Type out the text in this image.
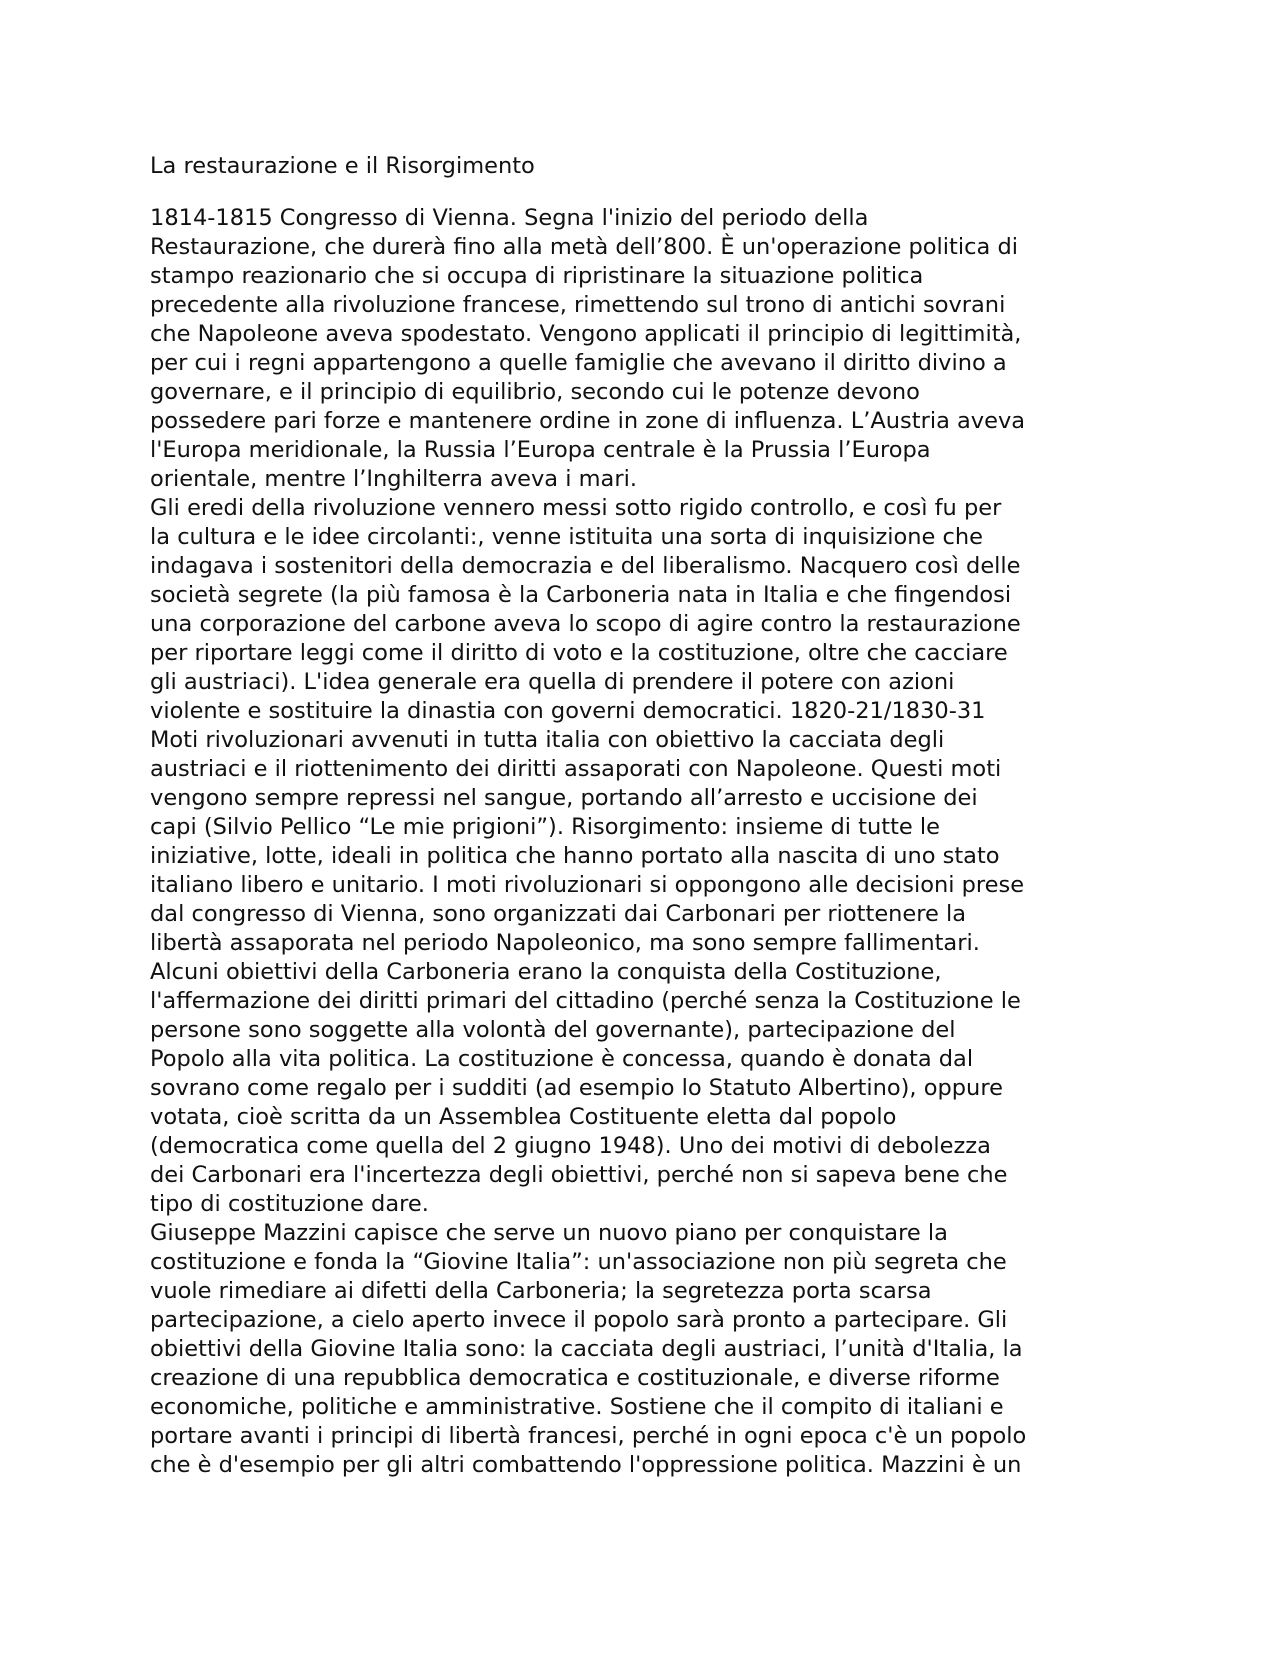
La restaurazione e il Risorgimento
1814-1815 Congresso di Vienna. Segna l'inizio del periodo della
Restaurazione, che durerà fino alla metà dell’800. È un'operazione politica di
stampo reazionario che si occupa di ripristinare la situazione politica
precedente alla rivoluzione francese, rimettendo sul trono di antichi sovrani
che Napoleone aveva spodestato. Vengono applicati il principio di legittimità,
per cui i regni appartengono a quelle famiglie che avevano il diritto divino a
governare, e il principio di equilibrio, secondo cui le potenze devono
possedere pari forze e mantenere ordine in zone di influenza. L’Austria aveva
l'Europa meridionale, la Russia l’Europa centrale è la Prussia l’Europa
orientale, mentre l’Inghilterra aveva i mari.
Gli eredi della rivoluzione vennero messi sotto rigido controllo, e così fu per
la cultura e le idee circolanti:, venne istituita una sorta di inquisizione che
indagava i sostenitori della democrazia e del liberalismo. Nacquero così delle
società segrete (la più famosa è la Carboneria nata in Italia e che fingendosi
una corporazione del carbone aveva lo scopo di agire contro la restaurazione
per riportare leggi come il diritto di voto e la costituzione, oltre che cacciare
gli austriaci). L'idea generale era quella di prendere il potere con azioni
violente e sostituire la dinastia con governi democratici. 1820-21/1830-31
Moti rivoluzionari avvenuti in tutta italia con obiettivo la cacciata degli
austriaci e il riottenimento dei diritti assaporati con Napoleone. Questi moti
vengono sempre repressi nel sangue, portando all’arresto e uccisione dei
capi (Silvio Pellico “Le mie prigioni”). Risorgimento: insieme di tutte le
iniziative, lotte, ideali in politica che hanno portato alla nascita di uno stato
italiano libero e unitario. I moti rivoluzionari si oppongono alle decisioni prese
dal congresso di Vienna, sono organizzati dai Carbonari per riottenere la
libertà assaporata nel periodo Napoleonico, ma sono sempre fallimentari.
Alcuni obiettivi della Carboneria erano la conquista della Costituzione,
l'affermazione dei diritti primari del cittadino (perché senza la Costituzione le
persone sono soggette alla volontà del governante), partecipazione del
Popolo alla vita politica. La costituzione è concessa, quando è donata dal
sovrano come regalo per i sudditi (ad esempio lo Statuto Albertino), oppure
votata, cioè scritta da un Assemblea Costituente eletta dal popolo
(democratica come quella del 2 giugno 1948). Uno dei motivi di debolezza
dei Carbonari era l'incertezza degli obiettivi, perché non si sapeva bene che
tipo di costituzione dare.
Giuseppe Mazzini capisce che serve un nuovo piano per conquistare la
costituzione e fonda la “Giovine Italia”: un'associazione non più segreta che
vuole rimediare ai difetti della Carboneria; la segretezza porta scarsa
partecipazione, a cielo aperto invece il popolo sarà pronto a partecipare. Gli
obiettivi della Giovine Italia sono: la cacciata degli austriaci, l’unità d'Italia, la
creazione di una repubblica democratica e costituzionale, e diverse riforme
economiche, politiche e amministrative. Sostiene che il compito di italiani e
portare avanti i principi di libertà francesi, perché in ogni epoca c'è un popolo
che è d'esempio per gli altri combattendo l'oppressione politica. Mazzini è un
